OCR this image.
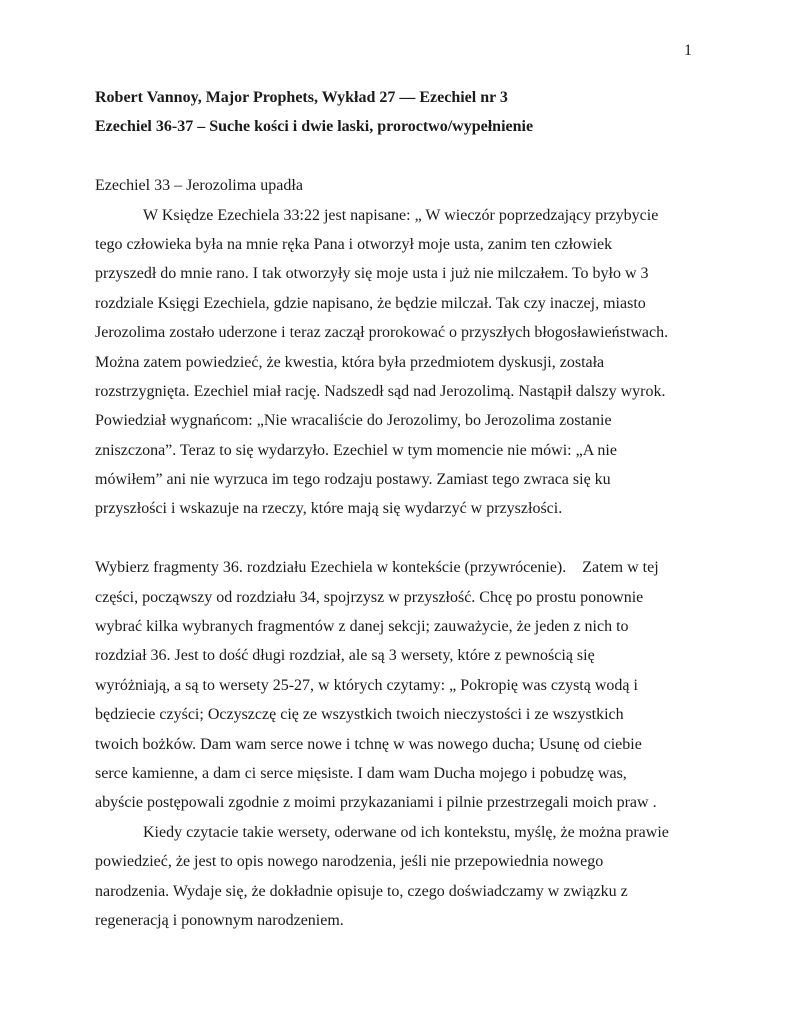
1
Robert Vannoy, Major Prophets, Wykład 27 — Ezechiel nr 3
Ezechiel 36-37 – Suche kości i dwie laski, proroctwo/wypełnienie
Ezechiel 33 – Jerozolima upadła
W Księdze Ezechiela 33:22 jest napisane: „ W wieczór poprzedzający przybycie
tego człowieka była na mnie ręka Pana i otworzył moje usta, zanim ten człowiek
przyszedł do mnie rano. I tak otworzyły się moje usta i już nie milczałem. To było w 3
rozdziale Księgi Ezechiela, gdzie napisano, że będzie milczał. Tak czy inaczej, miasto
Jerozolima zostało uderzone i teraz zaczął prorokować o przyszłych błogosławieństwach.
Można zatem powiedzieć, że kwestia, która była przedmiotem dyskusji, została
rozstrzygnięta. Ezechiel miał rację. Nadszedł sąd nad Jerozolimą. Nastąpił dalszy wyrok.
Powiedział wygnańcom: „Nie wracaliście do Jerozolimy, bo Jerozolima zostanie
zniszczona”. Teraz to się wydarzyło. Ezechiel w tym momencie nie mówi: „A nie
mówiłem” ani nie wyrzuca im tego rodzaju postawy. Zamiast tego zwraca się ku
przyszłości i wskazuje na rzeczy, które mają się wydarzyć w przyszłości.
Wybierz fragmenty 36. rozdziału Ezechiela w kontekście (przywrócenie).    Zatem w tej
części, począwszy od rozdziału 34, spojrzysz w przyszłość. Chcę po prostu ponownie
wybrać kilka wybranych fragmentów z danej sekcji; zauważycie, że jeden z nich to
rozdział 36. Jest to dość długi rozdział, ale są 3 wersety, które z pewnością się
wyróżniają, a są to wersety 25-27, w których czytamy: „ Pokropię was czystą wodą i
będziecie czyści; Oczyszczę cię ze wszystkich twoich nieczystości i ze wszystkich
twoich bożków. Dam wam serce nowe i tchnę w was nowego ducha; Usunę od ciebie
serce kamienne, a dam ci serce mięsiste. I dam wam Ducha mojego i pobudzę was,
abyście postępowali zgodnie z moimi przykazaniami i pilnie przestrzegali moich praw .
Kiedy czytacie takie wersety, oderwane od ich kontekstu, myślę, że można prawie
powiedzieć, że jest to opis nowego narodzenia, jeśli nie przepowiednia nowego
narodzenia. Wydaje się, że dokładnie opisuje to, czego doświadczamy w związku z
regeneracją i ponownym narodzeniem.
